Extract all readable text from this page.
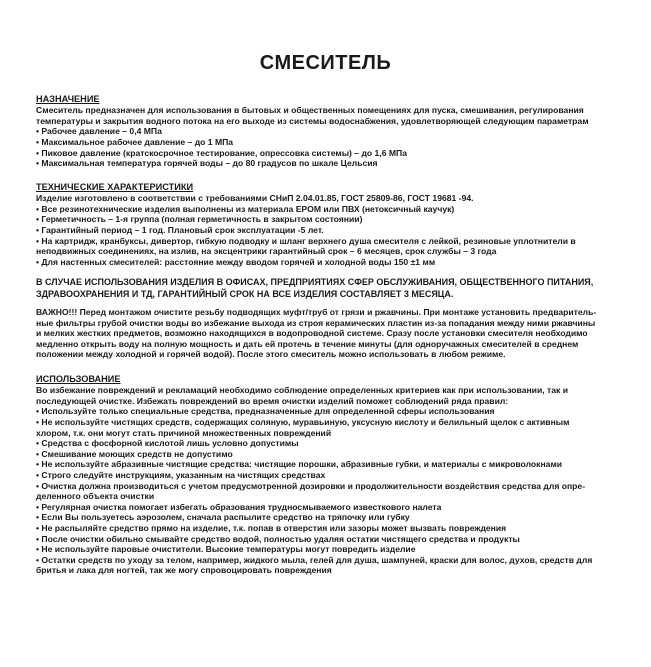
СМЕСИТЕЛЬ

НАЗНАЧЕНИЕ

Смеситель предназначен для использования в бытовых и общественных помещениях для пуска, смешивания, регулирования

температуры и закрытия водного потока на его выходе из системы водоснабжения, удовлетворяющей следующим параметрам

• Рабочее давление – 0,4 МПа

• Максимальное рабочее давление – до 1 МПа

• Пиковое давление (кратскосрочное тестирование, опрессовка системы) – до 1,6 МПа

• Максимальная температура горячей воды – до 80 градусов по шкале Цельсия

ТЕХНИЧЕСКИЕ ХАРАКТЕРИСТИКИ

Изделие изготовлено в соответствии с требованиями СНиП 2.04.01.85, ГОСТ 25809-86, ГОСТ 19681 -94.

• Все резинотехнические изделия выполнены из материала EPOM или ПВХ (нетоксичный каучук)

• Герметичность – 1-я группа (полная герметичность в закрытом состоянии)

• Гарантийный период – 1 год. Плановый срок эксплуатации -5 лет.

• На картридж, кранбуксы, дивертор, гибкую подводку и шланг верхнего душа смесителя с лейкой, резиновые уплотнители в

неподвижных соединениях, на излив, на эксцентрики гарантийный срок – 6 месяцев, срок службы – 3 года

• Для настенных смесителей: расстояние между вводом горячей и холодной воды 150 ±1 мм

В СЛУЧАЕ ИСПОЛЬЗОВАНИЯ ИЗДЕЛИЯ В ОФИСАХ, ПРЕДПРИЯТИЯХ СФЕР ОБСЛУЖИВАНИЯ, ОБЩЕСТВЕННОГО ПИТАНИЯ,

ЗДРАВООХРАНЕНИЯ И ТД, ГАРАНТИЙНЫЙ СРОК НА ВСЕ ИЗДЕЛИЯ СОСТАВЛЯЕТ 3 МЕСЯЦА.

ВАЖНО!!! Перед монтажом очистите резьбу подводящих муфт/труб от грязи и ржавчины. При монтаже установить предваритель-

ные фильтры грубой очистки воды во избежание выхода из строя керамических пластин из-за попадания между ними ржавчины

и мелких жестких предметов, возможно находящихся в водопроводной системе. Сразу после установки смесителя необходимо

медленно открыть воду на полную мощность и дать ей протечь в течение минуты (для одноручажных смесителей в среднем

положении между холодной и горячей водой). После этого смеситель можно использовать в любом режиме.

ИСПОЛЬЗОВАНИЕ

Во избежание повреждений и рекламаций необходимо соблюдение определенных критериев как при использовании, так и

последующей очистке. Избежать повреждений во время очистки изделий поможет соблюдений ряда правил:

• Используйте только специальные средства, предназначенные для определенной сферы использования

• Не используйте чистящих средств, содержащих соляную, муравьиную, уксусную кислоту и белильный щелок с активным

хлором, т.к. они могут стать причиной множественных повреждений

• Средства с фосфорной кислотой лишь условно допустимы

• Смешивание моющих средств не допустимо

• Не используйте абразивные чистящие средства: чистящие порошки, абразивные губки, и материалы с микроволокнами

• Строго следуйте инструкциям, указанным на чистящих средствах

• Очистка должна производиться с учетом предусмотренной дозировки и продолжительности воздействия средства для опре-

деленного объекта очистки

• Регулярная очистка помогает избегать образования трудносмываемого известкового налета

• Если Вы пользуетесь аэрозолем, сначала распылите средство на тряпочку или губку

• Не распыляйте средство прямо на изделие, т.к. попав в отверстия или зазоры может вызвать повреждения

• После очистки обильно смывайте средство водой, полностью удаляя остатки чистящего средства и продукты

• Не используйте паровые очистители. Высокие температуры могут повредить изделие

• Остатки средств по уходу за телом, например, жидкого мыла, гелей для душа, шампуней, краски для волос, духов, средств для

бритья и лака для ногтей, так же могу спровоцировать повреждения
